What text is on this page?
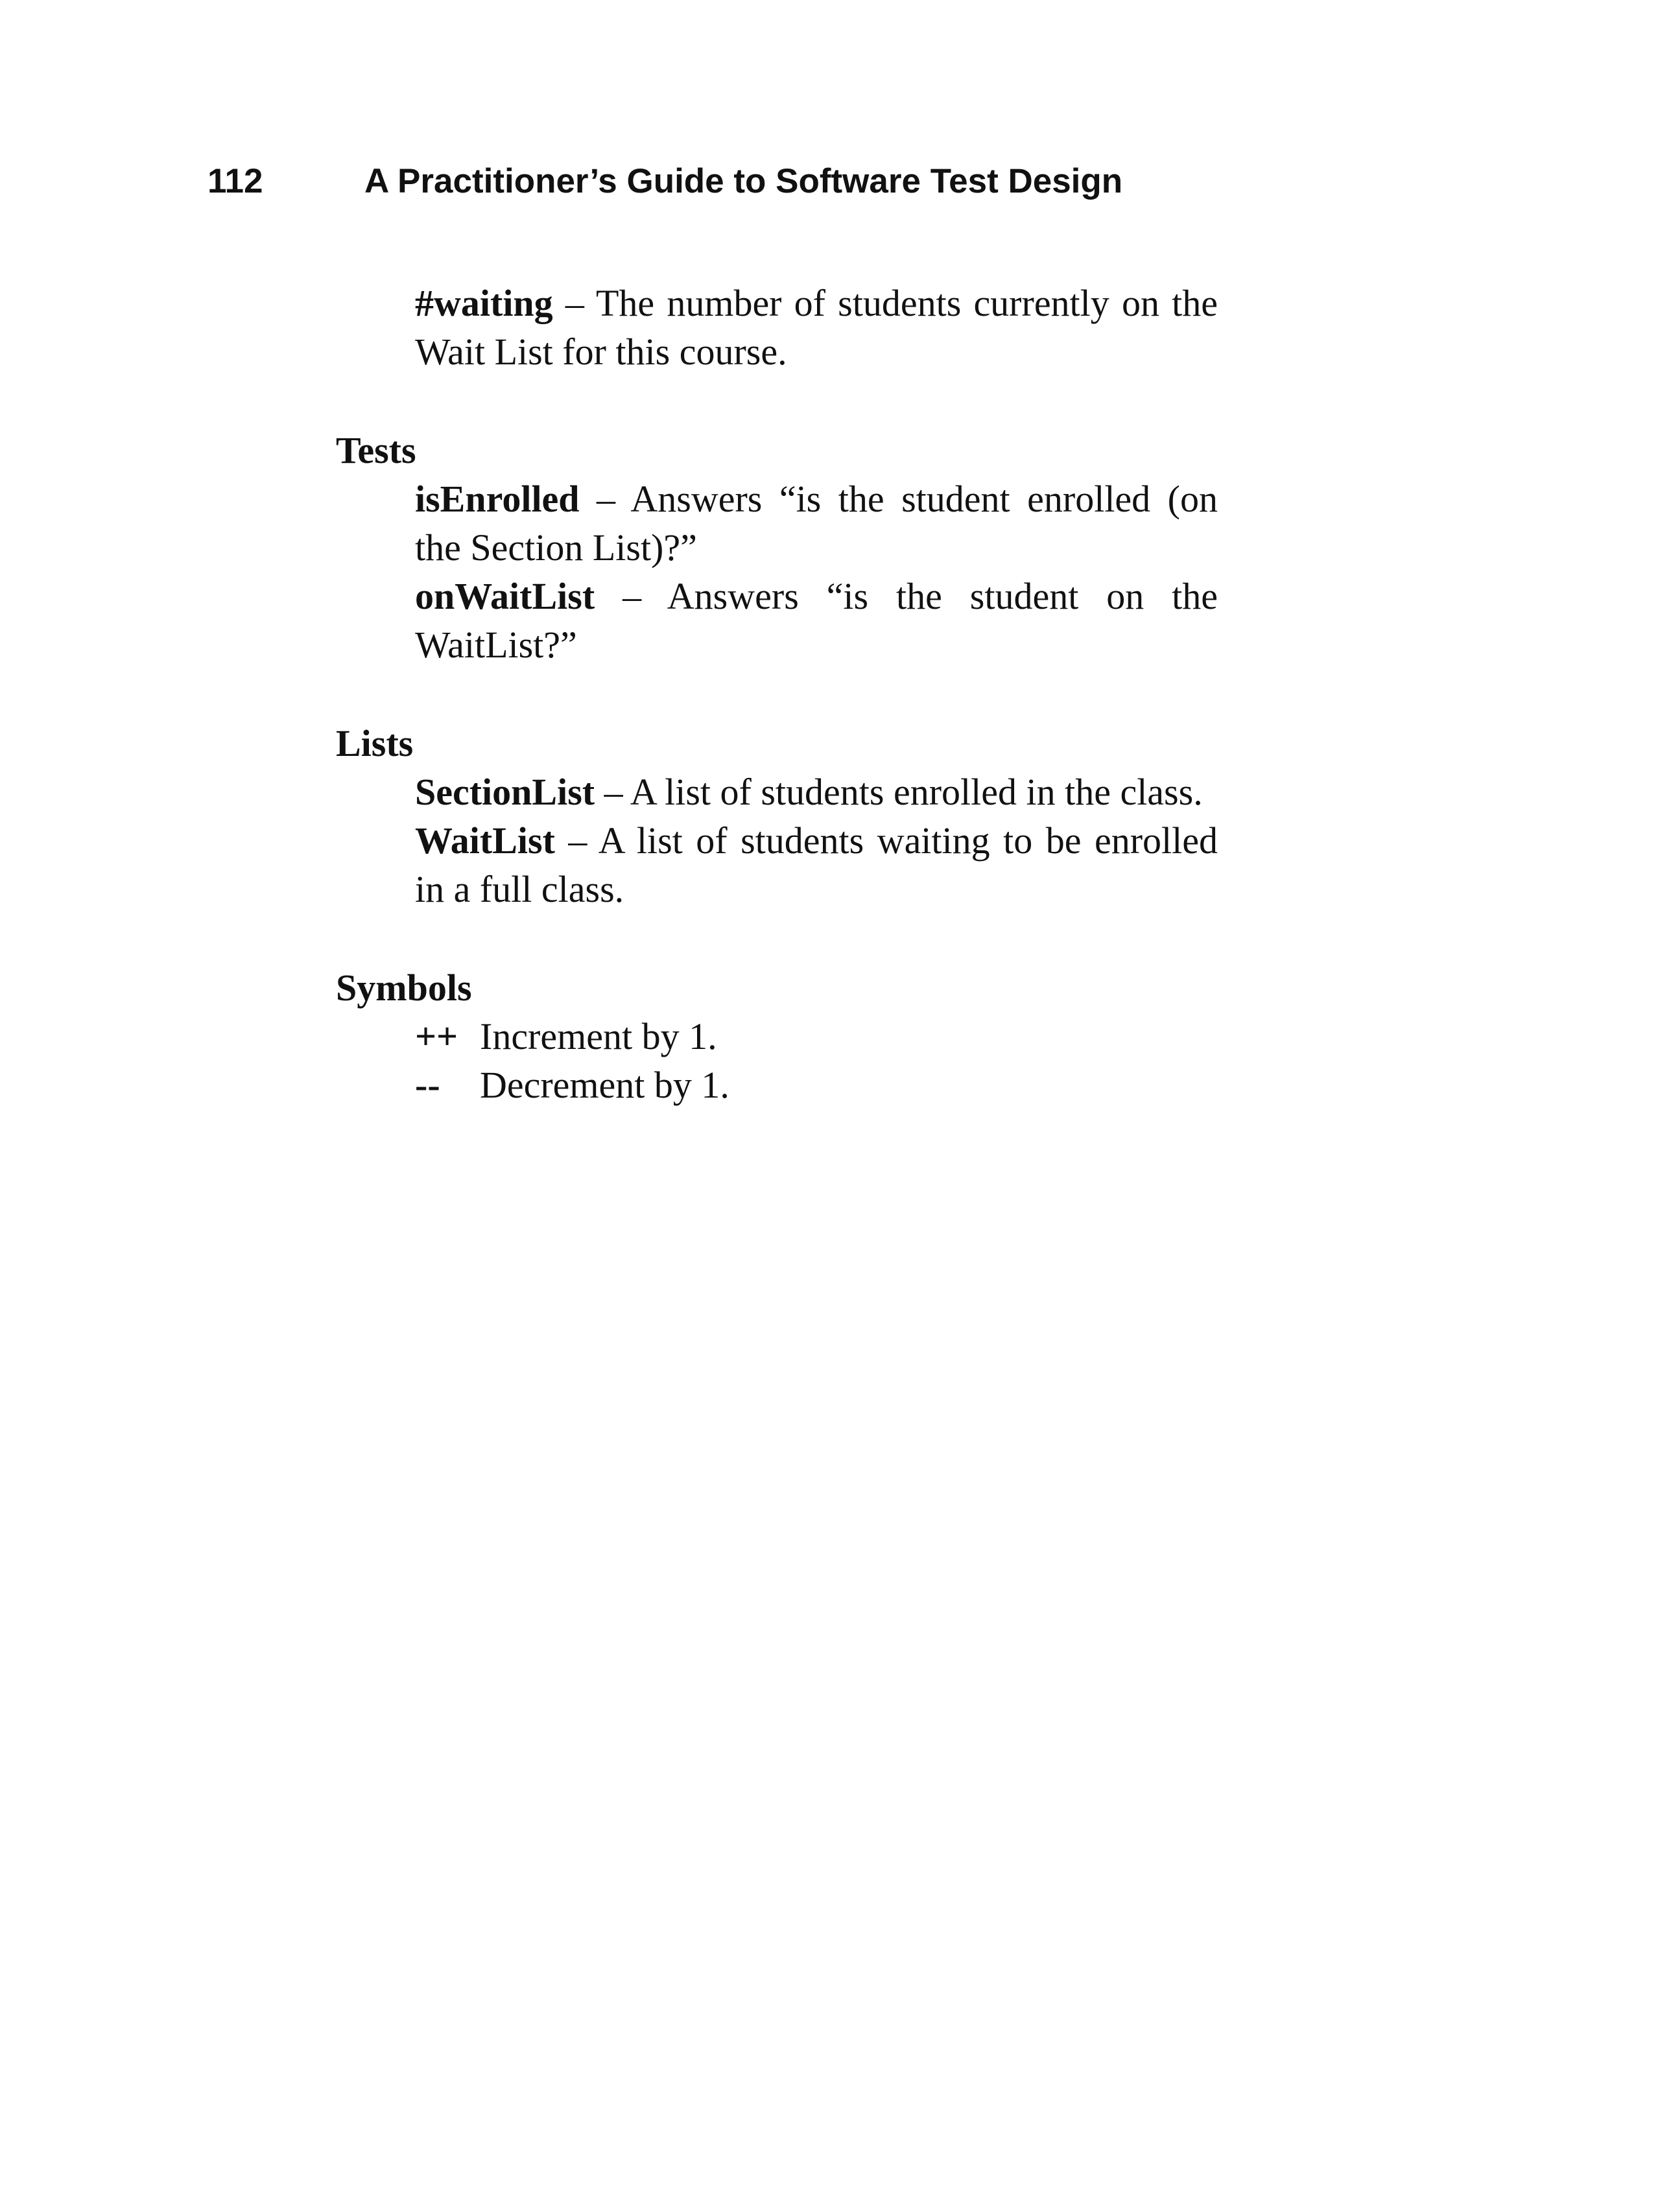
112	A Practitioner’s Guide to Software Test Design

#waiting – The number of students currently on the Wait List for this course.

Tests

isEnrolled – Answers “is the student enrolled (on the Section List)?”

onWaitList – Answers “is the student on the WaitList?”

Lists

SectionList – A list of students enrolled in the class.

WaitList – A list of students waiting to be enrolled in a full class.

Symbols

++ Increment by 1.
--	Decrement by 1.
